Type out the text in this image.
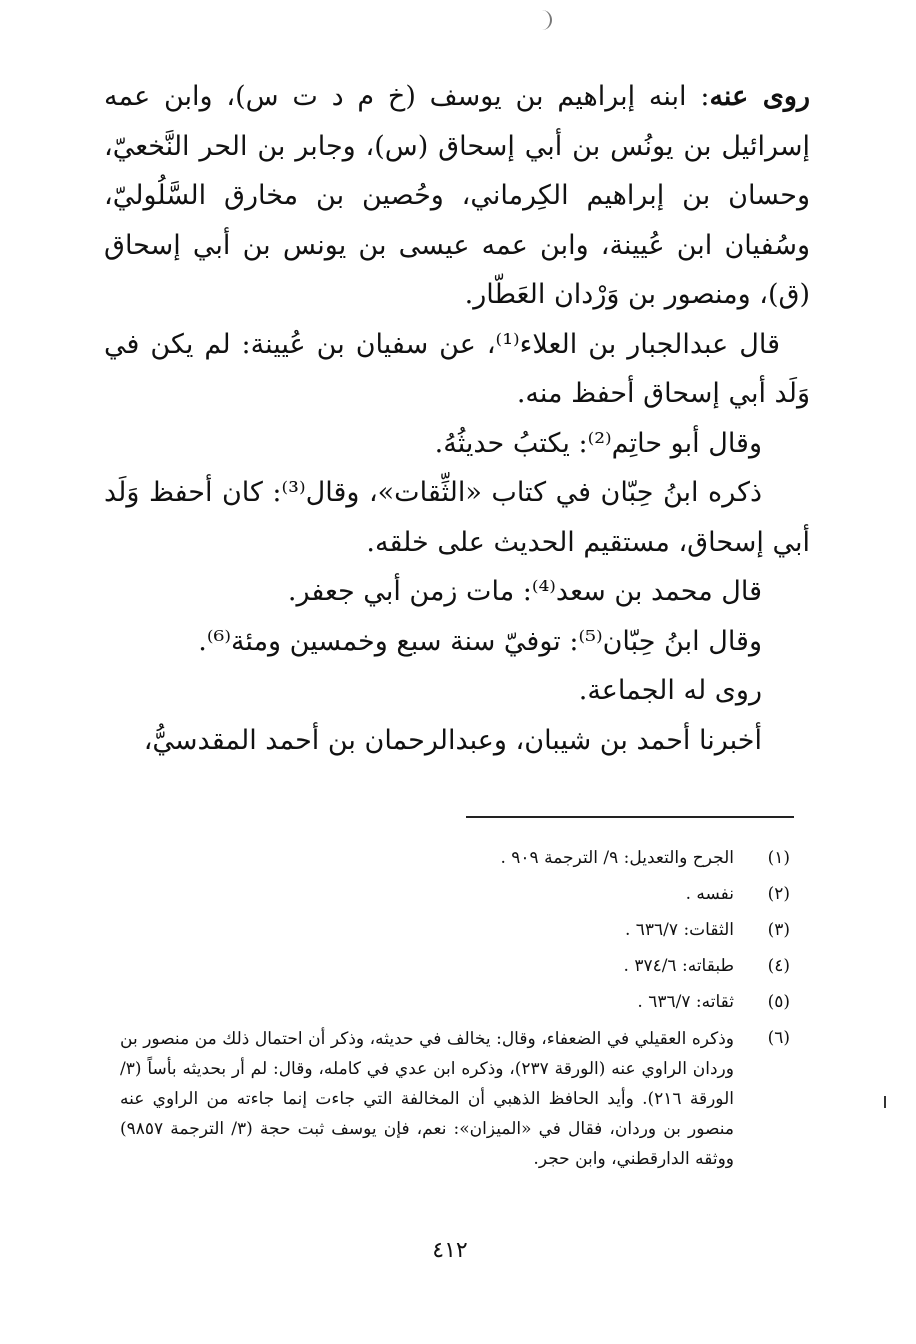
روى عنه: ابنه إبراهيم بن يوسف (خ م د ت س)، وابن عمه إسرائيل بن يونُس بن أبي إسحاق (س)، وجابر بن الحر النَّخعيّ، وحسان بن إبراهيم الكِرماني، وحُصين بن مخارق السَّلُوليّ، وسُفيان ابن عُيينة، وابن عمه عيسى بن يونس بن أبي إسحاق (ق)، ومنصور بن وَرْدان العَطّار.

قال عبدالجبار بن العلاء⁽¹⁾، عن سفيان بن عُيينة: لم يكن في وَلَد أبي إسحاق أحفظ منه.

وقال أبو حاتِم⁽²⁾: يكتبُ حديثُهُ.

ذكره ابنُ حِبّان في كتاب «الثِّقات»، وقال⁽³⁾: كان أحفظ وَلَد أبي إسحاق، مستقيم الحديث على خلقه.

قال محمد بن سعد⁽⁴⁾: مات زمن أبي جعفر.

وقال ابنُ حِبّان⁽⁵⁾: توفيّ سنة سبع وخمسين ومئة⁽⁶⁾.

روى له الجماعة.

أخبرنا أحمد بن شيبان، وعبدالرحمان بن أحمد المقدسيُّ،

(١)
الجرح والتعديل: ٩/ الترجمة ٩٠٩ .
(٢)
نفسه .
(٣)
الثقات: ٦٣٦/٧ .
(٤)
طبقاته: ٣٧٤/٦ .
(٥)
ثقاته: ٦٣٦/٧ .
(٦)
وذكره العقيلي في الضعفاء، وقال: يخالف في حديثه، وذكر أن احتمال ذلك من منصور بن وردان الراوي عنه (الورقة ٢٣٧)، وذكره ابن عدي في كامله، وقال: لم أر بحديثه بأساً (٣/ الورقة ٢١٦). وأيد الحافظ الذهبي أن المخالفة التي جاءت إنما جاءته من الراوي عنه منصور بن وردان، فقال في «الميزان»: نعم، فإن يوسف ثبت حجة (٣/ الترجمة ٩٨٥٧) ووثقه الدارقطني، وابن حجر.
٤١٢
